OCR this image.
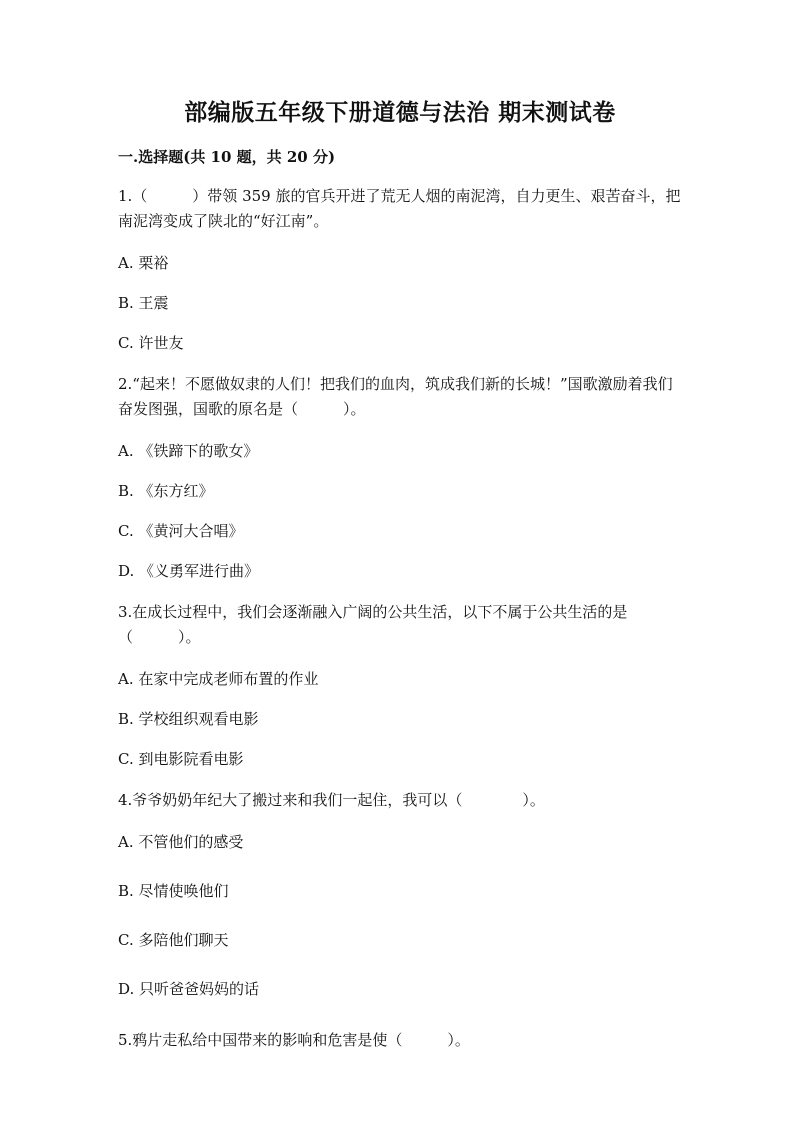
部编版五年级下册道德与法治 期末测试卷
一.选择题(共 10 题，共 20 分)
1.（　　　）带领 359 旅的官兵开进了荒无人烟的南泥湾，自力更生、艰苦奋斗，把南泥湾变成了陕北的“好江南”。
A. 栗裕
B. 王震
C. 许世友
2.“起来！不愿做奴隶的人们！把我们的血肉，筑成我们新的长城！”国歌激励着我们奋发图强，国歌的原名是（　　　）。
A. 《铁蹄下的歌女》
B. 《东方红》
C. 《黄河大合唱》
D. 《义勇军进行曲》
3.在成长过程中，我们会逐渐融入广阔的公共生活，以下不属于公共生活的是（　　　）。
A. 在家中完成老师布置的作业
B. 学校组织观看电影
C. 到电影院看电影
4.爷爷奶奶年纪大了搬过来和我们一起住，我可以（　　　　）。
A. 不管他们的感受
B. 尽情使唤他们
C. 多陪他们聊天
D. 只听爸爸妈妈的话
5.鸦片走私给中国带来的影响和危害是使（　　　）。
